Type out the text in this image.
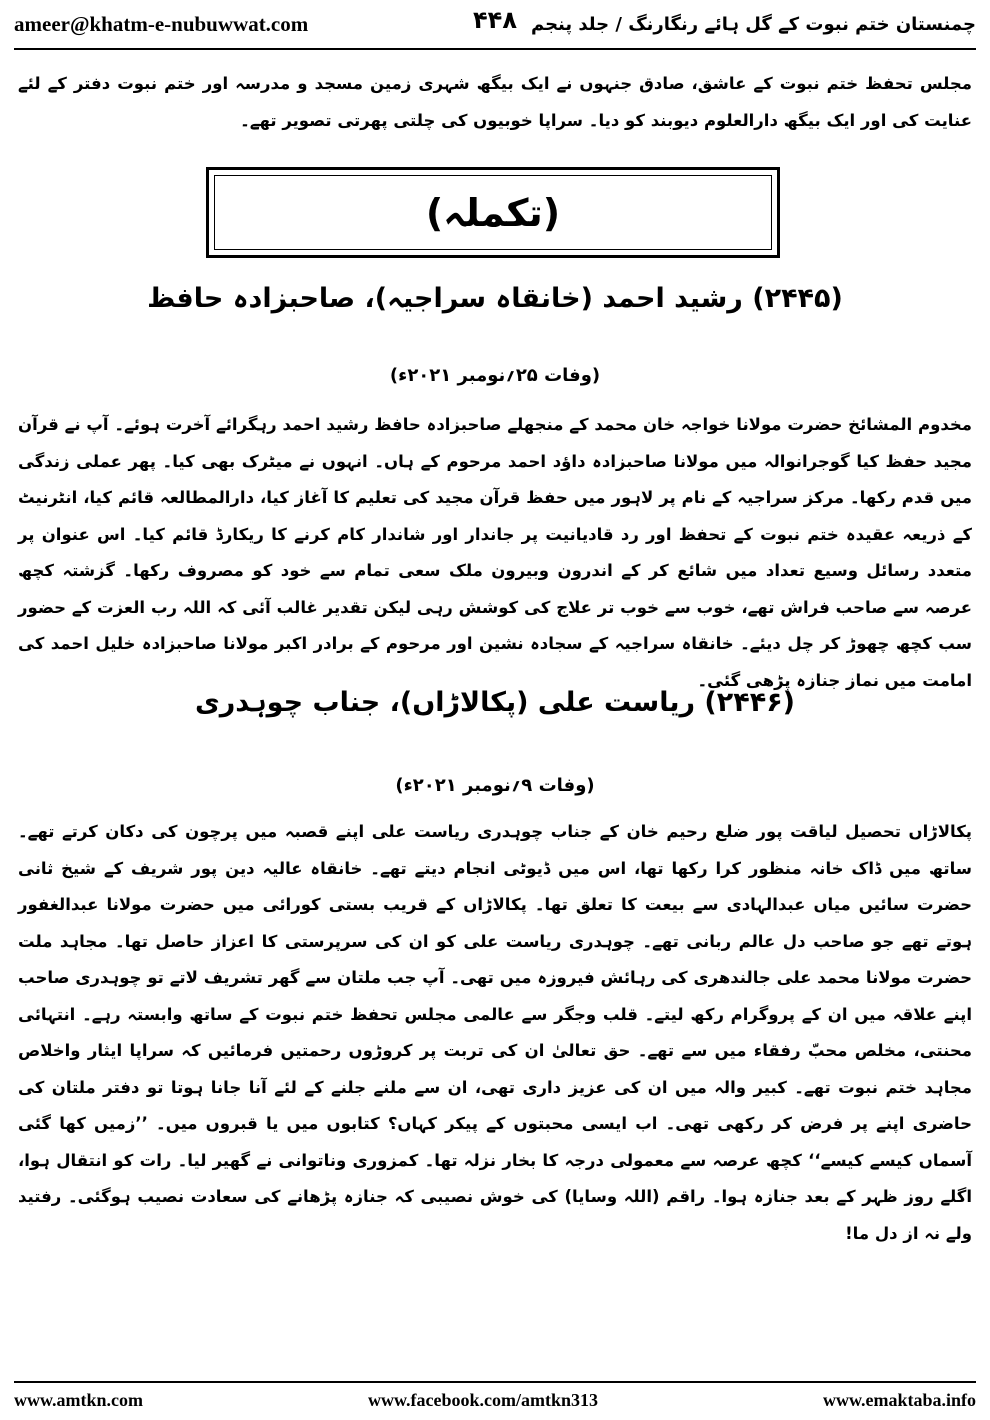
ameer@khatm-e-nubuwwat.com	۴۴۸ چمنستان ختم نبوت کے گل ہائے رنگارنگ / جلد پنجم

مجلس تحفظ ختم نبوت کے عاشق، صادق جنہوں نے ایک بیگھ شہری زمین مسجد و مدرسہ اور ختم نبوت دفتر کے لئے عنایت کی اور ایک بیگھ دارالعلوم دیوبند کو دیا۔ سراپا خوبیوں کی چلتی پھرتی تصویر تھے۔

(تکملہ)
(۲۴۴۵) رشید احمد (خانقاہ سراجیہ)، صاحبزادہ حافظ
(وفات ۲۵؍نومبر ۲۰۲۱ء)

مخدوم المشائخ حضرت مولانا خواجہ خان محمد کے منجھلے صاحبزادہ حافظ رشید احمد رہگرائے آخرت ہوئے۔ آپ نے قرآن مجید حفظ کیا گوجرانوالہ میں مولانا صاحبزادہ داؤد احمد مرحوم کے ہاں۔ انہوں نے میٹرک بھی کیا۔ پھر عملی زندگی میں قدم رکھا۔ مرکز سراجیہ کے نام پر لاہور میں حفظ قرآن مجید کی تعلیم کا آغاز کیا، دارالمطالعہ قائم کیا، انٹرنیٹ کے ذریعہ عقیدہ ختم نبوت کے تحفظ اور رد قادیانیت پر جاندار اور شاندار کام کرنے کا ریکارڈ قائم کیا۔ اس عنوان پر متعدد رسائل وسیع تعداد میں شائع کر کے اندرون وبیرون ملک سعی تمام سے خود کو مصروف رکھا۔ گزشتہ کچھ عرصہ سے صاحب فراش تھے، خوب سے خوب تر علاج کی کوشش رہی لیکن تقدیر غالب آئی کہ اللہ رب العزت کے حضور سب کچھ چھوڑ کر چل دیئے۔ خانقاہ سراجیہ کے سجادہ نشین اور مرحوم کے برادر اکبر مولانا صاحبزادہ خلیل احمد کی امامت میں نماز جنازہ پڑھی گئی۔

(۲۴۴۶) ریاست علی (پکالاڑاں)، جناب چوہدری
(وفات ۹؍نومبر ۲۰۲۱ء)

پکالاڑاں تحصیل لیاقت پور ضلع رحیم خان کے جناب چوہدری ریاست علی اپنے قصبہ میں پرچون کی دکان کرتے تھے۔ ساتھ میں ڈاک خانہ منظور کرا رکھا تھا، اس میں ڈیوٹی انجام دیتے تھے۔ خانقاہ عالیہ دین پور شریف کے شیخ ثانی حضرت سائیں میاں عبدالہادی سے بیعت کا تعلق تھا۔ پکالاڑاں کے قریب بستی کورائی میں حضرت مولانا عبدالغفور ہوتے تھے جو صاحب دل عالم ربانی تھے۔ چوہدری ریاست علی کو ان کی سرپرستی کا اعزاز حاصل تھا۔ مجاہد ملت حضرت مولانا محمد علی جالندھری کی رہائش فیروزہ میں تھی۔ آپ جب ملتان سے گھر تشریف لاتے تو چوہدری صاحب اپنے علاقہ میں ان کے پروگرام رکھ لیتے۔ قلب وجگر سے عالمی مجلس تحفظ ختم نبوت کے ساتھ وابستہ رہے۔ انتہائی محنتی، مخلص محبّ رفقاء میں سے تھے۔ حق تعالیٰ ان کی تربت پر کروڑوں رحمتیں فرمائیں کہ سراپا ایثار واخلاص مجاہد ختم نبوت تھے۔ کبیر والہ میں ان کی عزیز داری تھی، ان سے ملنے جلنے کے لئے آنا جانا ہوتا تو دفتر ملتان کی حاضری اپنے پر فرض کر رکھی تھی۔ اب ایسی محبتوں کے پیکر کہاں؟ کتابوں میں یا قبروں میں۔ ’’زمیں کھا گئی آسماں کیسے کیسے‘‘ کچھ عرصہ سے معمولی درجہ کا بخار نزلہ تھا۔ کمزوری وناتوانی نے گھیر لیا۔ رات کو انتقال ہوا، اگلے روز ظہر کے بعد جنازہ ہوا۔ راقم (اللہ وسایا) کی خوش نصیبی کہ جنازہ پڑھانے کی سعادت نصیب ہوگئی۔ رفتید ولے نہ از دل ما!

www.amtkn.com	www.facebook.com/amtkn313	www.emaktaba.info
